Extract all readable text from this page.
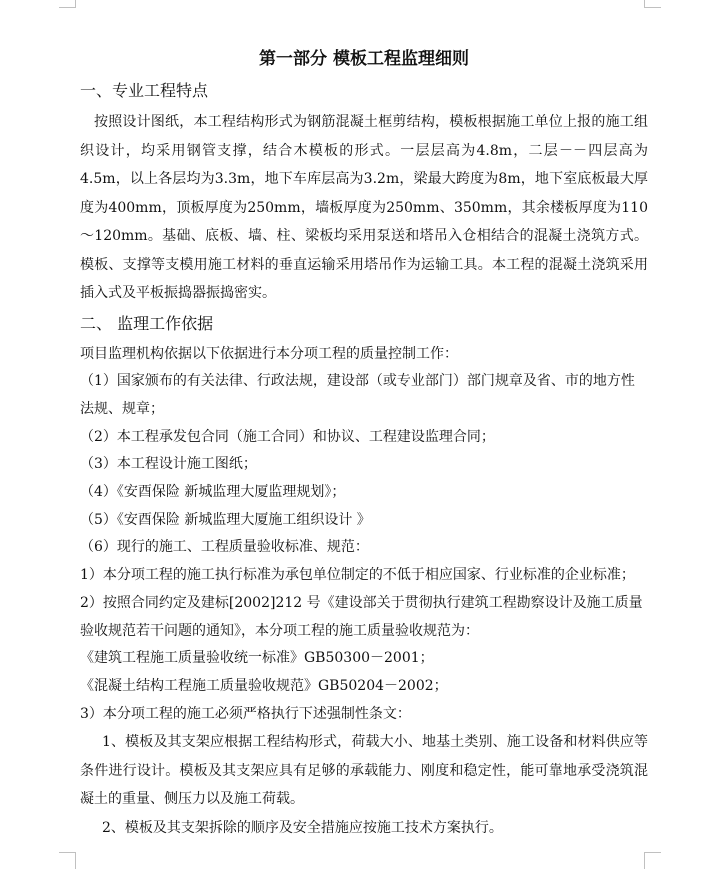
第一部分 模板工程监理细则
一、专业工程特点

按照设计图纸，本工程结构形式为钢筋混凝土框剪结构，模板根据施工单位上报的施工组织设计，均采用钢管支撑，结合木模板的形式。一层层高为4.8m，二层－－四层高为4.5m，以上各层均为3.3m，地下车库层高为3.2m，梁最大跨度为8m，地下室底板最大厚度为400mm，顶板厚度为250mm，墙板厚度为250mm、350mm，其余楼板厚度为110～120mm。基础、底板、墙、柱、梁板均采用泵送和塔吊入仓相结合的混凝土浇筑方式。模板、支撑等支模用施工材料的垂直运输采用塔吊作为运输工具。本工程的混凝土浇筑采用插入式及平板振捣器振捣密实。

二、 监理工作依据

项目监理机构依据以下依据进行本分项工程的质量控制工作：

（1）国家颁布的有关法律、行政法规，建设部（或专业部门）部门规章及省、市的地方性法规、规章；

（2）本工程承发包合同（施工合同）和协议、工程建设监理合同；

（3）本工程设计施工图纸；

（4）《安酉保险 新城监理大厦监理规划》；

（5）《安酉保险 新城监理大厦施工组织设计 》

（6）现行的施工、工程质量验收标准、规范：

1）本分项工程的施工执行标准为承包单位制定的不低于相应国家、行业标准的企业标准；

2）按照合同约定及建标[2002]212 号《建设部关于贯彻执行建筑工程勘察设计及施工质量验收规范若干问题的通知》，本分项工程的施工质量验收规范为：

《建筑工程施工质量验收统一标准》GB50300－2001；

《混凝土结构工程施工质量验收规范》GB50204－2002；

3）本分项工程的施工必须严格执行下述强制性条文：

1、模板及其支架应根据工程结构形式，荷载大小、地基土类别、施工设备和材料供应等条件进行设计。模板及其支架应具有足够的承载能力、刚度和稳定性，能可靠地承受浇筑混凝土的重量、侧压力以及施工荷载。

2、模板及其支架拆除的顺序及安全措施应按施工技术方案执行。
